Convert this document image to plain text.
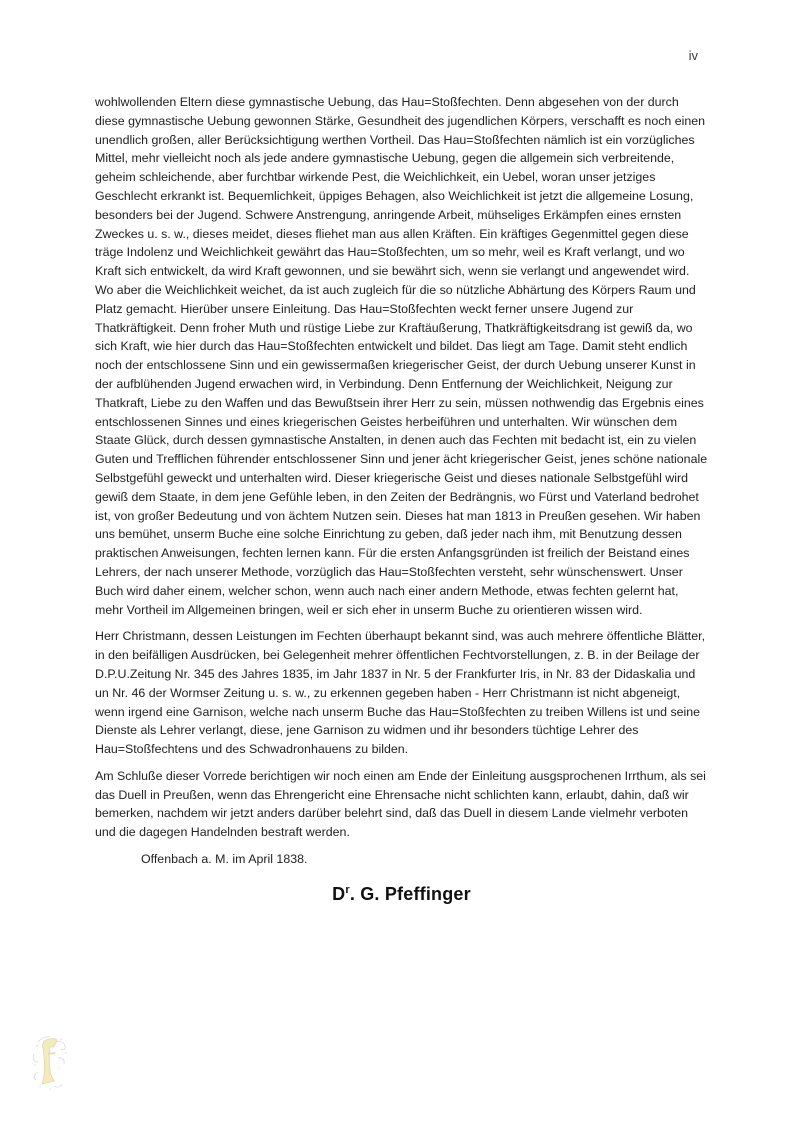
iv

wohlwollenden Eltern diese gymnastische Uebung, das Hau=Stoßfechten. Denn abgesehen von der durch diese gymnastische Uebung gewonnen Stärke, Gesundheit des jugendlichen Körpers, verschafft es noch einen unendlich großen, aller Berücksichtigung werthen Vortheil. Das Hau=Stoßfechten nämlich ist ein vorzügliches Mittel, mehr vielleicht noch als jede andere gymnastische Uebung, gegen die allgemein sich verbreitende, geheim schleichende, aber furchtbar wirkende Pest, die Weichlichkeit, ein Uebel, woran unser jetziges Geschlecht erkrankt ist. Bequemlichkeit, üppiges Behagen, also Weichlichkeit ist jetzt die allgemeine Losung, besonders bei der Jugend. Schwere Anstrengung, anringende Arbeit, mühseliges Erkämpfen eines ernsten Zweckes u. s. w., dieses meidet, dieses fliehet man aus allen Kräften. Ein kräftiges Gegenmittel gegen diese träge Indolenz und Weichlichkeit gewährt das Hau=Stoßfechten, um so mehr, weil es Kraft verlangt, und wo Kraft sich entwickelt, da wird Kraft gewonnen, und sie bewährt sich, wenn sie verlangt und angewendet wird. Wo aber die Weichlichkeit weichet, da ist auch zugleich für die so nützliche Abhärtung des Körpers Raum und Platz gemacht. Hierüber unsere Einleitung. Das Hau=Stoßfechten weckt ferner unsere Jugend zur Thatkräftigkeit. Denn froher Muth und rüstige Liebe zur Kraftäußerung, Thatkräftigkeitsdrang ist gewiß da, wo sich Kraft, wie hier durch das Hau=Stoßfechten entwickelt und bildet. Das liegt am Tage. Damit steht endlich noch der entschlossene Sinn und ein gewissermaßen kriegerischer Geist, der durch Uebung unserer Kunst in der aufblühenden Jugend erwachen wird, in Verbindung. Denn Entfernung der Weichlichkeit, Neigung zur Thatkraft, Liebe zu den Waffen und das Bewußtsein ihrer Herr zu sein, müssen nothwendig das Ergebnis eines entschlossenen Sinnes und eines kriegerischen Geistes herbeiführen und unterhalten. Wir wünschen dem Staate Glück, durch dessen gymnastische Anstalten, in denen auch das Fechten mit bedacht ist, ein zu vielen Guten und Trefflichen führender entschlossener Sinn und jener ächt kriegerischer Geist, jenes schöne nationale Selbstgefühl geweckt und unterhalten wird. Dieser kriegerische Geist und dieses nationale Selbstgefühl wird gewiß dem Staate, in dem jene Gefühle leben, in den Zeiten der Bedrängnis, wo Fürst und Vaterland bedrohet ist, von großer Bedeutung und von ächtem Nutzen sein. Dieses hat man 1813 in Preußen gesehen. Wir haben uns bemühet, unserm Buche eine solche Einrichtung zu geben, daß jeder nach ihm, mit Benutzung dessen praktischen Anweisungen, fechten lernen kann. Für die ersten Anfangsgründen ist freilich der Beistand eines Lehrers, der nach unserer Methode, vorzüglich das Hau=Stoßfechten versteht, sehr wünschenswert. Unser Buch wird daher einem, welcher schon, wenn auch nach einer andern Methode, etwas fechten gelernt hat, mehr Vortheil im Allgemeinen bringen, weil er sich eher in unserm Buche zu orientieren wissen wird.

Herr Christmann, dessen Leistungen im Fechten überhaupt bekannt sind, was auch mehrere öffentliche Blätter, in den beifälligen Ausdrücken, bei Gelegenheit mehrer öffentlichen Fechtvorstellungen, z. B. in der Beilage der D.P.U.Zeitung Nr. 345 des Jahres 1835, im Jahr 1837 in Nr. 5 der Frankfurter Iris, in Nr. 83 der Didaskalia und un Nr. 46 der Wormser Zeitung u. s. w., zu erkennen gegeben haben - Herr Christmann ist nicht abgeneigt, wenn irgend eine Garnison, welche nach unserm Buche das Hau=Stoßfechten zu treiben Willens ist und seine Dienste als Lehrer verlangt, diese, jene Garnison zu widmen und ihr besonders tüchtige Lehrer des Hau=Stoßfechtens und des Schwadronhauens zu bilden.

Am Schluße dieser Vorrede berichtigen wir noch einen am Ende der Einleitung ausgsprochenen Irrthum, als sei das Duell in Preußen, wenn das Ehrengericht eine Ehrensache nicht schlichten kann, erlaubt, dahin, daß wir bemerken, nachdem wir jetzt anders darüber belehrt sind, daß das Duell in diesem Lande vielmehr verboten und die dagegen Handelnden bestraft werden.

Offenbach a. M. im April 1838.

$D^r$. G. Pfeffinger
